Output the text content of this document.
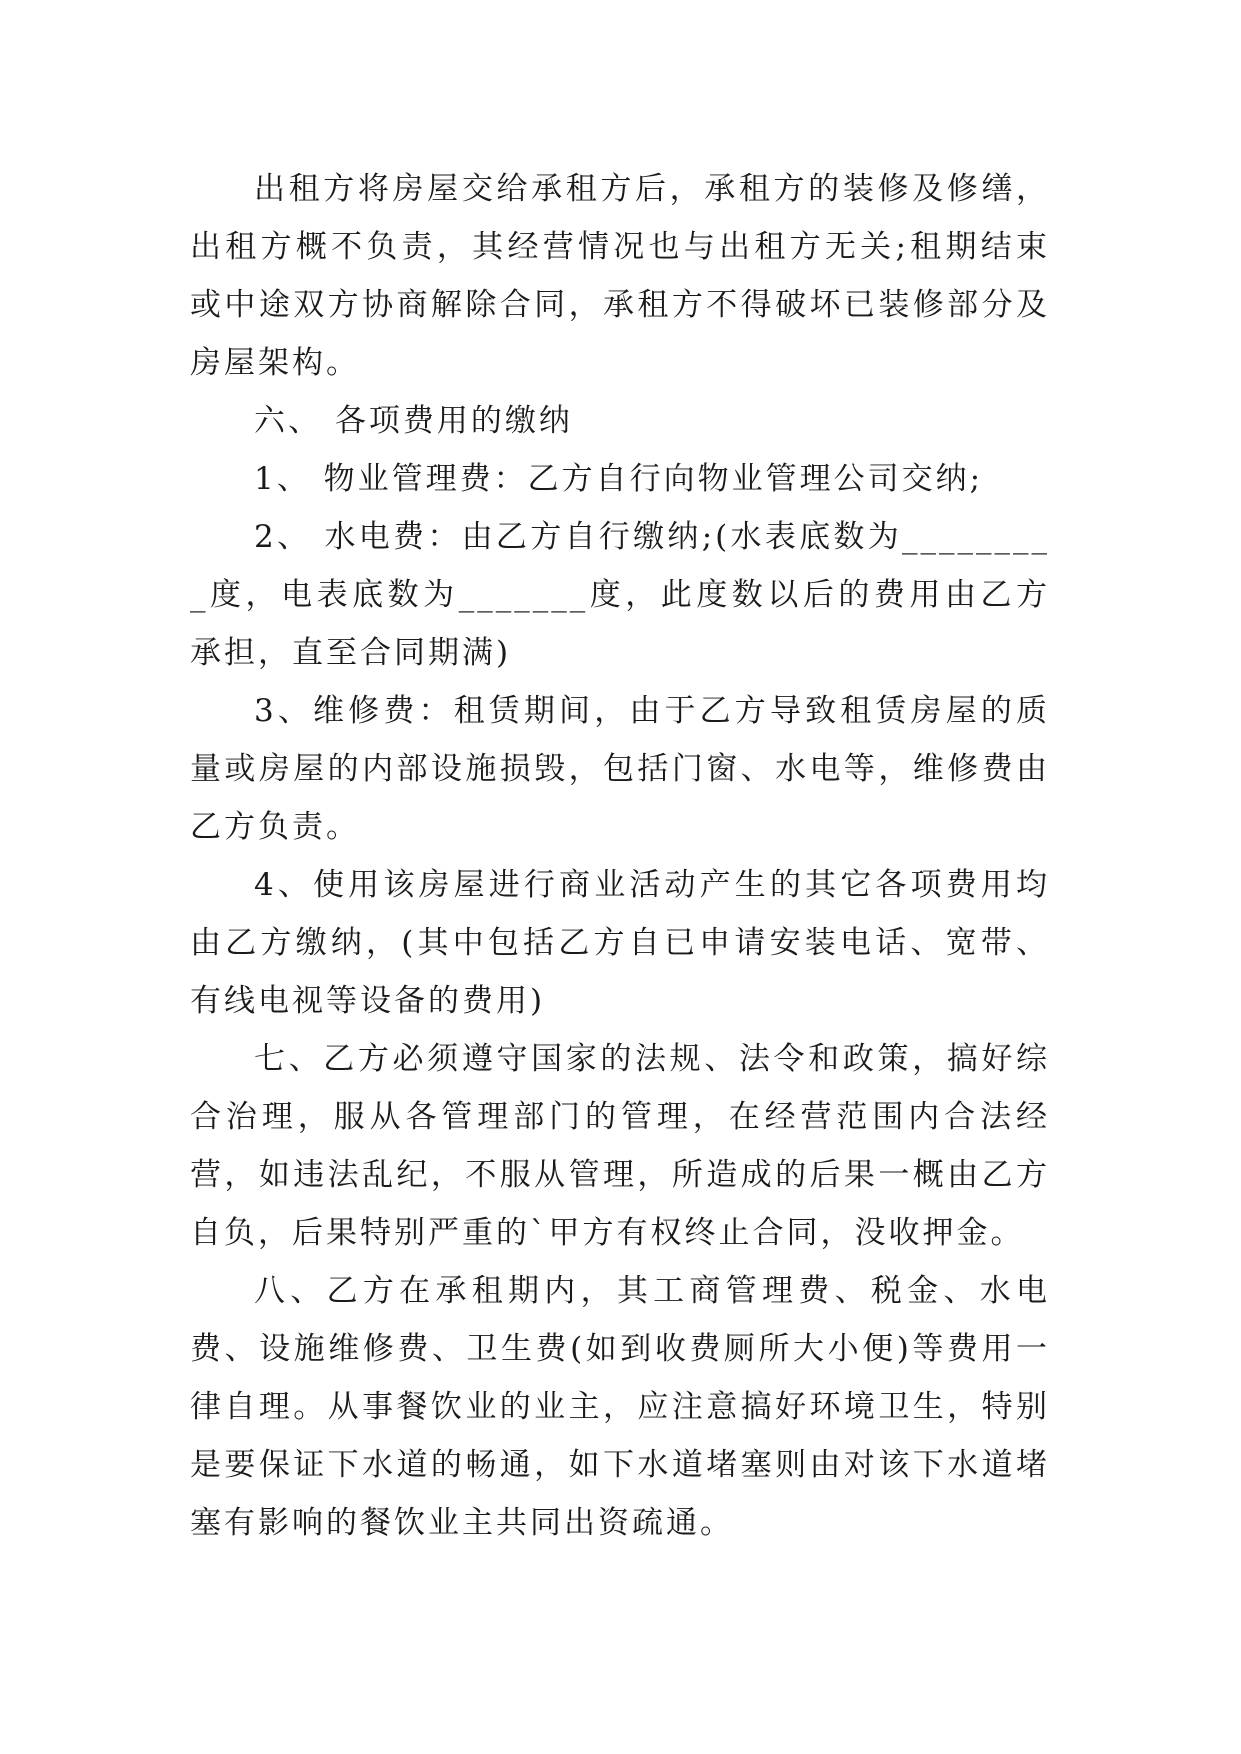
出租方将房屋交给承租方后，承租方的装修及修缮，出租方概不负责，其经营情况也与出租方无关;租期结束或中途双方协商解除合同，承租方不得破坏已装修部分及房屋架构。

六、 各项费用的缴纳

1、 物业管理费：乙方自行向物业管理公司交纳;

2、 水电费：由乙方自行缴纳;(水表底数为_________度，电表底数为_______度，此度数以后的费用由乙方承担，直至合同期满)

3、维修费：租赁期间，由于乙方导致租赁房屋的质量或房屋的内部设施损毁，包括门窗、水电等，维修费由乙方负责。

4、使用该房屋进行商业活动产生的其它各项费用均由乙方缴纳，(其中包括乙方自已申请安装电话、宽带、有线电视等设备的费用)

七、乙方必须遵守国家的法规、法令和政策，搞好综合治理，服从各管理部门的管理，在经营范围内合法经营，如违法乱纪，不服从管理，所造成的后果一概由乙方自负，后果特别严重的`甲方有权终止合同，没收押金。

八、乙方在承租期内，其工商管理费、税金、水电费、设施维修费、卫生费(如到收费厕所大小便)等费用一律自理。从事餐饮业的业主，应注意搞好环境卫生，特别是要保证下水道的畅通，如下水道堵塞则由对该下水道堵塞有影响的餐饮业主共同出资疏通。
